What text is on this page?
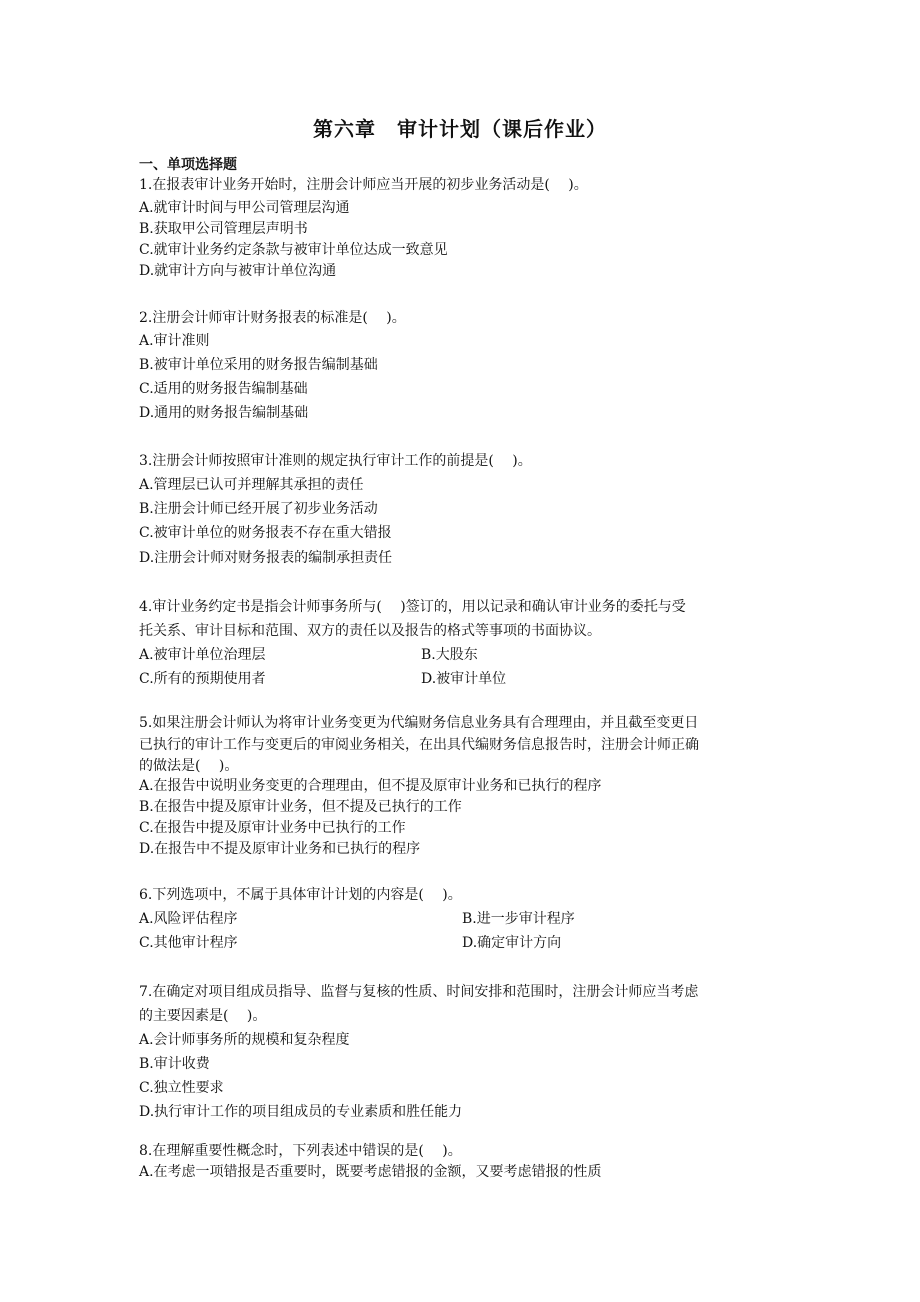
第六章　审计计划（课后作业）
一、单项选择题
1.在报表审计业务开始时，注册会计师应当开展的初步业务活动是(　 )。
A.就审计时间与甲公司管理层沟通
B.获取甲公司管理层声明书
C.就审计业务约定条款与被审计单位达成一致意见
D.就审计方向与被审计单位沟通
2.注册会计师审计财务报表的标准是(　 )。
A.审计准则
B.被审计单位采用的财务报告编制基础
C.适用的财务报告编制基础
D.通用的财务报告编制基础
3.注册会计师按照审计准则的规定执行审计工作的前提是(　 )。
A.管理层已认可并理解其承担的责任
B.注册会计师已经开展了初步业务活动
C.被审计单位的财务报表不存在重大错报
D.注册会计师对财务报表的编制承担责任
4.审计业务约定书是指会计师事务所与(　 )签订的，用以记录和确认审计业务的委托与受
托关系、审计目标和范围、双方的责任以及报告的格式等事项的书面协议。
A.被审计单位治理层	B.大股东
C.所有的预期使用者	D.被审计单位
5.如果注册会计师认为将审计业务变更为代编财务信息业务具有合理理由，并且截至变更日
已执行的审计工作与变更后的审阅业务相关，在出具代编财务信息报告时，注册会计师正确
的做法是(　 )。
A.在报告中说明业务变更的合理理由，但不提及原审计业务和已执行的程序
B.在报告中提及原审计业务，但不提及已执行的工作
C.在报告中提及原审计业务中已执行的工作
D.在报告中不提及原审计业务和已执行的程序
6.下列选项中，不属于具体审计计划的内容是(　 )。
A.风险评估程序	B.进一步审计程序
C.其他审计程序	D.确定审计方向
7.在确定对项目组成员指导、监督与复核的性质、时间安排和范围时，注册会计师应当考虑
的主要因素是(　 )。
A.会计师事务所的规模和复杂程度
B.审计收费
C.独立性要求
D.执行审计工作的项目组成员的专业素质和胜任能力
8.在理解重要性概念时，下列表述中错误的是(　 )。
A.在考虑一项错报是否重要时，既要考虑错报的金额，又要考虑错报的性质
